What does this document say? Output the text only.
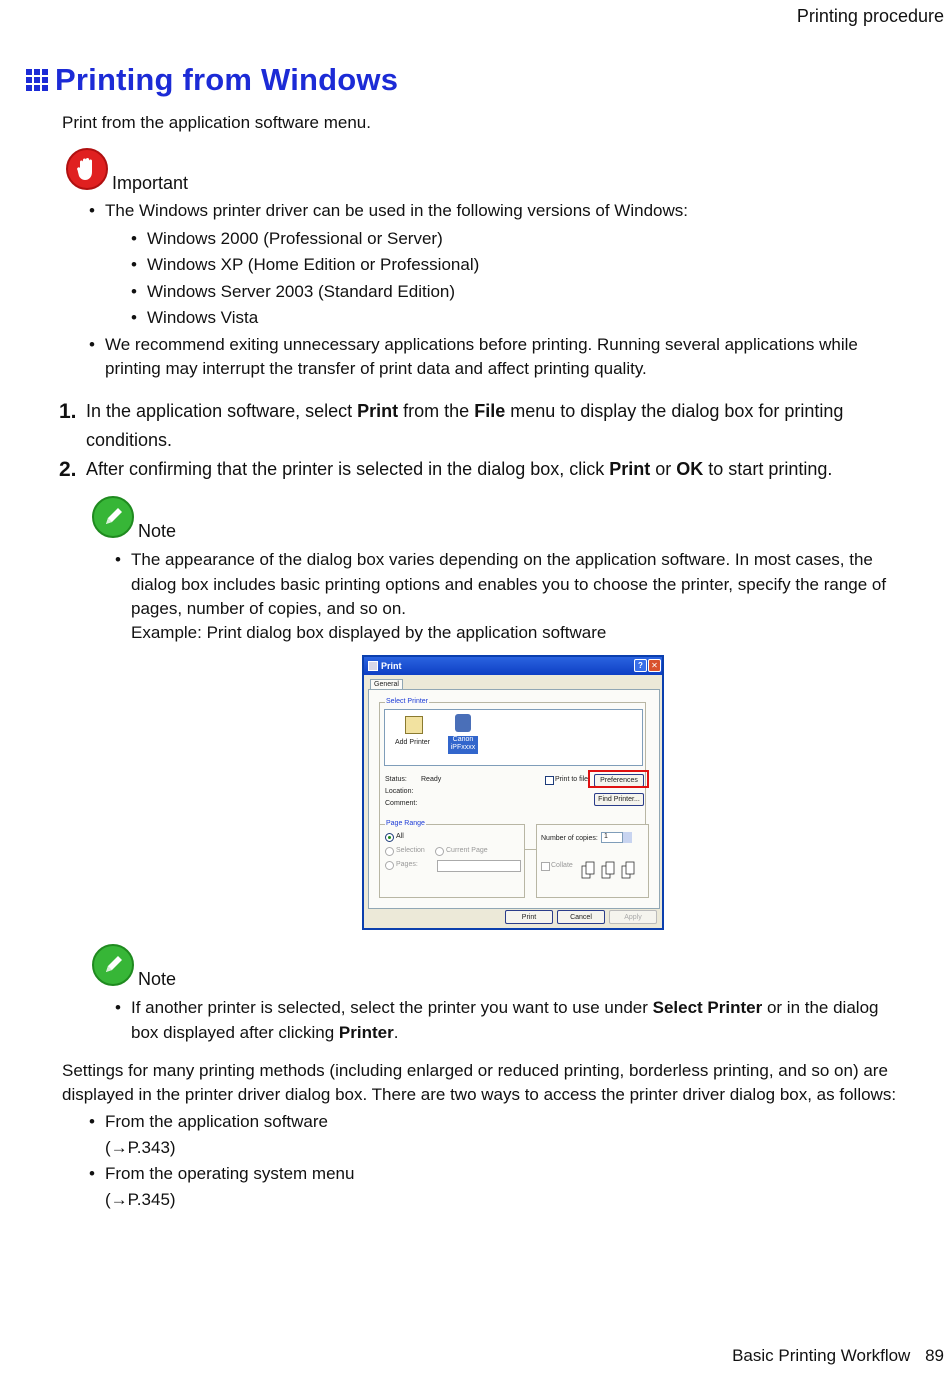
Printing procedure
Printing from Windows
Print from the application software menu.
Important
• The Windows printer driver can be used in the following versions of Windows:
• Windows 2000 (Professional or Server)
• Windows XP (Home Edition or Professional)
• Windows Server 2003 (Standard Edition)
• Windows Vista
• We recommend exiting unnecessary applications before printing. Running several applications while
printing may interrupt the transfer of print data and affect printing quality.
1. In the application software, select Print from the File menu to display the dialog box for printing
conditions.
2. After confirming that the printer is selected in the dialog box, click Print or OK to start printing.
Note
• The appearance of the dialog box varies depending on the application software. In most cases, the
dialog box includes basic printing options and enables you to choose the printer, specify the range of
pages, number of copies, and so on.
Example: Print dialog box displayed by the application software
Print	?	✕
General
Select Printer
Add Printer	Canon
iPFxxxx
Status: Ready
Location:
Comment:
Print to file	Preferences
Find Printer...
Page Range
All
Selection	Current Page
Pages:
Number of copies: 1
Collate
Print	Cancel	Apply
Note
• If another printer is selected, select the printer you want to use under Select Printer or in the dialog
box displayed after clicking Printer.
Settings for many printing methods (including enlarged or reduced printing, borderless printing, and so on) are
displayed in the printer driver dialog box. There are two ways to access the printer driver dialog box, as follows:
• From the application software
(→P.343)
• From the operating system menu
(→P.345)
Basic Printing Workflow 89
